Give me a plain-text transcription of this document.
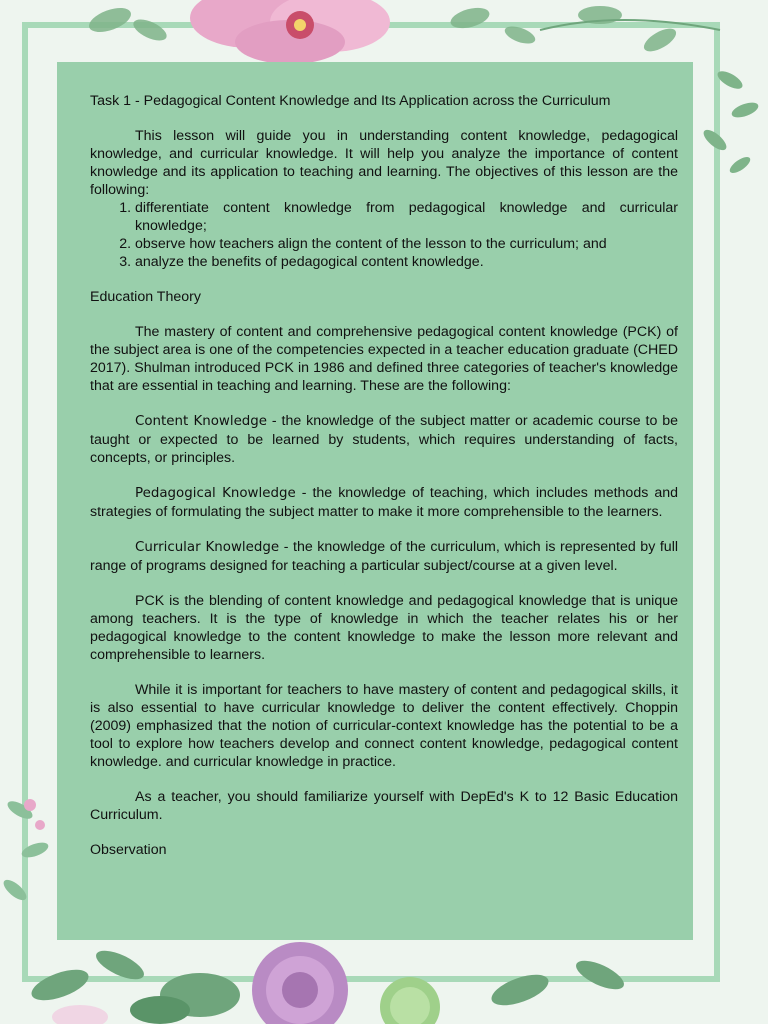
Task 1 - Pedagogical Content Knowledge and Its Application across the Curriculum

This lesson will guide you in understanding content knowledge, pedagogical knowledge, and curricular knowledge. It will help you analyze the importance of content knowledge and its application to teaching and learning. The objectives of this lesson are the following:

1. differentiate content knowledge from pedagogical knowledge and curricular knowledge;
2. observe how teachers align the content of the lesson to the curriculum; and
3. analyze the benefits of pedagogical content knowledge.

Education Theory

The mastery of content and comprehensive pedagogical content knowledge (PCK) of the subject area is one of the competencies expected in a teacher education graduate (CHED 2017). Shulman introduced PCK in 1986 and defined three categories of teacher's knowledge that are essential in teaching and learning. These are the following:

Content Knowledge - the knowledge of the subject matter or academic course to be taught or expected to be learned by students, which requires understanding of facts, concepts, or principles.

Pedagogical Knowledge - the knowledge of teaching, which includes methods and strategies of formulating the subject matter to make it more comprehensible to the learners.

Curricular Knowledge - the knowledge of the curriculum, which is represented by full range of programs designed for teaching a particular subject/course at a given level.

PCK is the blending of content knowledge and pedagogical knowledge that is unique among teachers. It is the type of knowledge in which the teacher relates his or her pedagogical knowledge to the content knowledge to make the lesson more relevant and comprehensible to learners.

While it is important for teachers to have mastery of content and pedagogical skills, it is also essential to have curricular knowledge to deliver the content effectively. Choppin (2009) emphasized that the notion of curricular-context knowledge has the potential to be a tool to explore how teachers develop and connect content knowledge, pedagogical content knowledge. and curricular knowledge in practice.

As a teacher, you should familiarize yourself with DepEd's K to 12 Basic Education Curriculum.

Observation
